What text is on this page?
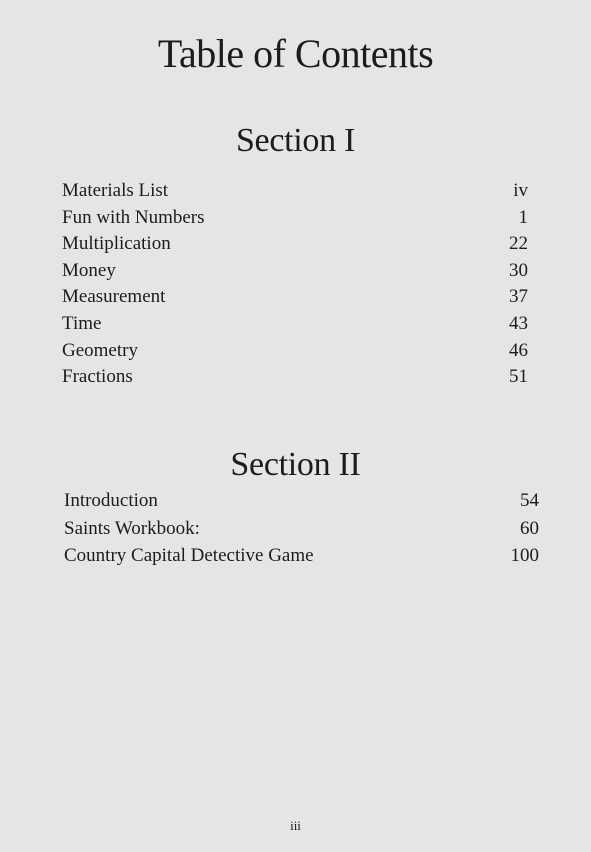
Table of Contents
Section I
Materials List	iv
Fun with Numbers	1
Multiplication	22
Money	30
Measurement	37
Time	43
Geometry	46
Fractions	51
Section II
Introduction	54
Saints Workbook:	60
Country Capital Detective Game	100
iii
